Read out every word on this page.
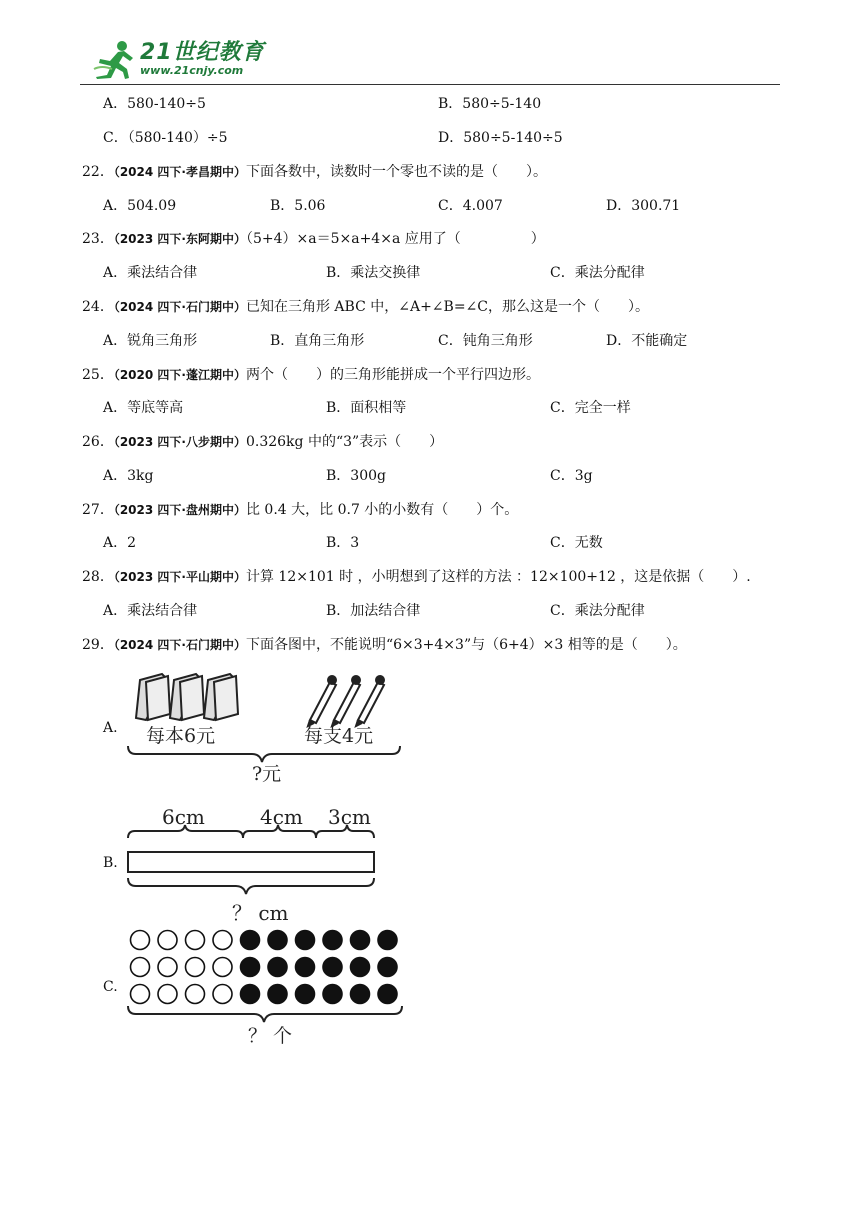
21世纪教育
www.21cnjy.com
A．580-140÷5	B．580÷5-140
C．（580-140）÷5	D．580÷5-140÷5
22．（2024 四下·孝昌期中）下面各数中，读数时一个零也不读的是（　　）。
A．504.09	B．5.06	C．4.007	D．300.71
23．（2023 四下·东阿期中）（5+4）×a＝5×a+4×a 应用了（　　　　　）
A．乘法结合律	B．乘法交换律	C．乘法分配律
24．（2024 四下·石门期中）已知在三角形 ABC 中，∠A+∠B=∠C，那么这是一个（　　）。
A．锐角三角形	B．直角三角形	C．钝角三角形	D．不能确定
25．（2020 四下·蓬江期中）两个（　　）的三角形能拼成一个平行四边形。
A．等底等高	B．面积相等	C．完全一样
26．（2023 四下·八步期中）0.326kg 中的“3”表示（　　）
A．3kg	B．300g	C．3g
27．（2023 四下·盘州期中）比 0.4 大，比 0.7 小的小数有（　　）个。
A．2	B．3	C．无数
28．（2023 四下·平山期中）计算 12×101 时 ，小明想到了这样的方法 ：12×100+12 ，这是依据（　　）.
A．乘法结合律	B．加法结合律	C．乘法分配律
29．（2024 四下·石门期中）下面各图中，不能说明“6×3+4×3”与（6+4）×3 相等的是（　　）。
A. 每本6元	每支4元
?元
B.
6cm	4cm 3cm
？ cm
C.
？ 个
